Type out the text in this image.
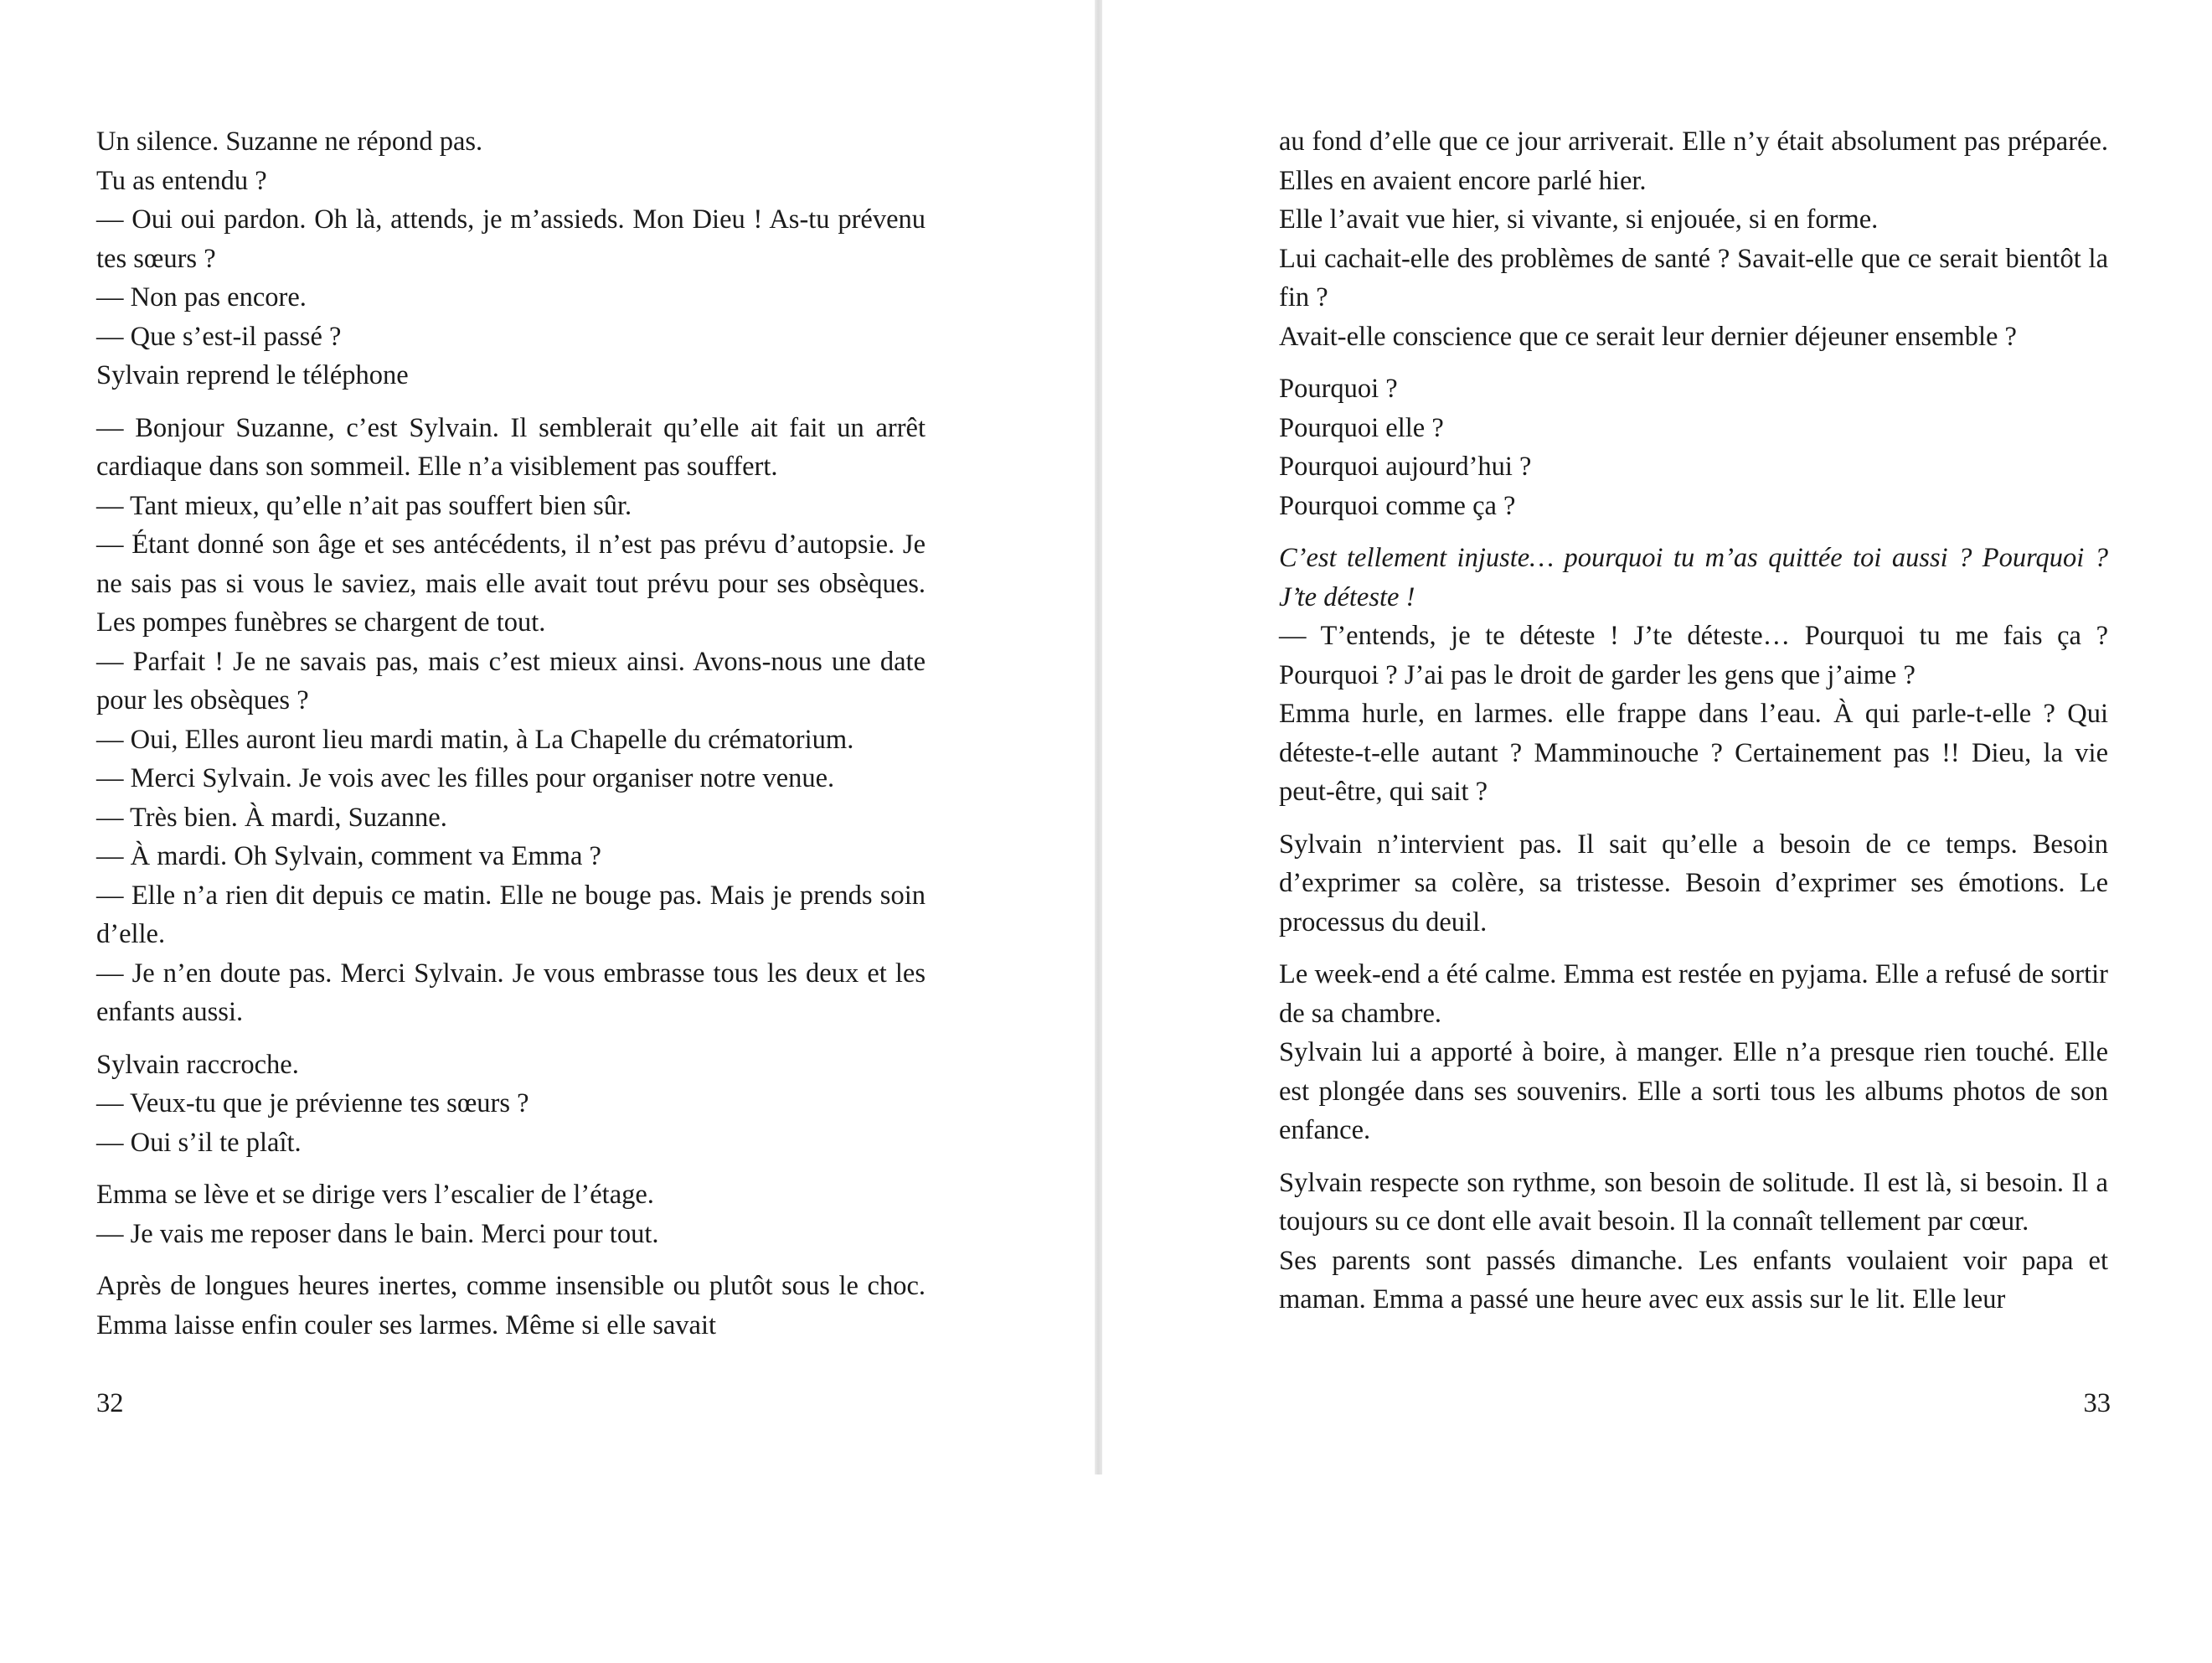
Un silence. Suzanne ne répond pas.

Tu as entendu ?

— Oui oui pardon. Oh là, attends, je m’assieds. Mon Dieu ! As-tu prévenu tes sœurs ?

— Non pas encore.

— Que s’est-il passé ?

Sylvain reprend le téléphone

— Bonjour Suzanne, c’est Sylvain. Il semblerait qu’elle ait fait un arrêt cardiaque dans son sommeil. Elle n’a visiblement pas souffert.

— Tant mieux, qu’elle n’ait pas souffert bien sûr.

— Étant donné son âge et ses antécédents, il n’est pas prévu d’autopsie. Je ne sais pas si vous le saviez, mais elle avait tout prévu pour ses obsèques. Les pompes funèbres se chargent de tout.

— Parfait ! Je ne savais pas, mais c’est mieux ainsi. Avons-nous une date pour les obsèques ?

— Oui, Elles auront lieu mardi matin, à La Chapelle du crématorium.

— Merci Sylvain. Je vois avec les filles pour organiser notre venue.

— Très bien. À mardi, Suzanne.

— À mardi. Oh Sylvain, comment va Emma ?

— Elle n’a rien dit depuis ce matin. Elle ne bouge pas. Mais je prends soin d’elle.

— Je n’en doute pas. Merci Sylvain. Je vous embrasse tous les deux et les enfants aussi.

Sylvain raccroche.

— Veux-tu que je prévienne tes sœurs ?

— Oui s’il te plaît.

Emma se lève et se dirige vers l’escalier de l’étage.

— Je vais me reposer dans le bain. Merci pour tout.

Après de longues heures inertes, comme insensible ou plutôt sous le choc. Emma laisse enfin couler ses larmes. Même si elle savait

32

au fond d’elle que ce jour arriverait. Elle n’y était absolument pas préparée. Elles en avaient encore parlé hier.

Elle l’avait vue hier, si vivante, si enjouée, si en forme.

Lui cachait-elle des problèmes de santé ? Savait-elle que ce serait bientôt la fin ?

Avait-elle conscience que ce serait leur dernier déjeuner ensemble ?

Pourquoi ?

Pourquoi elle ?

Pourquoi aujourd’hui ?

Pourquoi comme ça ?

C’est tellement injuste… pourquoi tu m’as quittée toi aussi ? Pourquoi ? J’te déteste !

— T’entends, je te déteste ! J’te déteste… Pourquoi tu me fais ça ? Pourquoi ? J’ai pas le droit de garder les gens que j’aime ?

Emma hurle, en larmes. elle frappe dans l’eau. À qui parle-t-elle ? Qui déteste-t-elle autant ? Mamminouche ? Certainement pas !! Dieu, la vie peut-être, qui sait ?

Sylvain n’intervient pas. Il sait qu’elle a besoin de ce temps. Besoin d’exprimer sa colère, sa tristesse. Besoin d’exprimer ses émotions. Le processus du deuil.

Le week-end a été calme. Emma est restée en pyjama. Elle a refusé de sortir de sa chambre.

Sylvain lui a apporté à boire, à manger. Elle n’a presque rien touché. Elle est plongée dans ses souvenirs. Elle a sorti tous les albums photos de son enfance.

Sylvain respecte son rythme, son besoin de solitude. Il est là, si besoin. Il a toujours su ce dont elle avait besoin. Il la connaît tellement par cœur.

Ses parents sont passés dimanche. Les enfants voulaient voir papa et maman. Emma a passé une heure avec eux assis sur le lit. Elle leur

33
